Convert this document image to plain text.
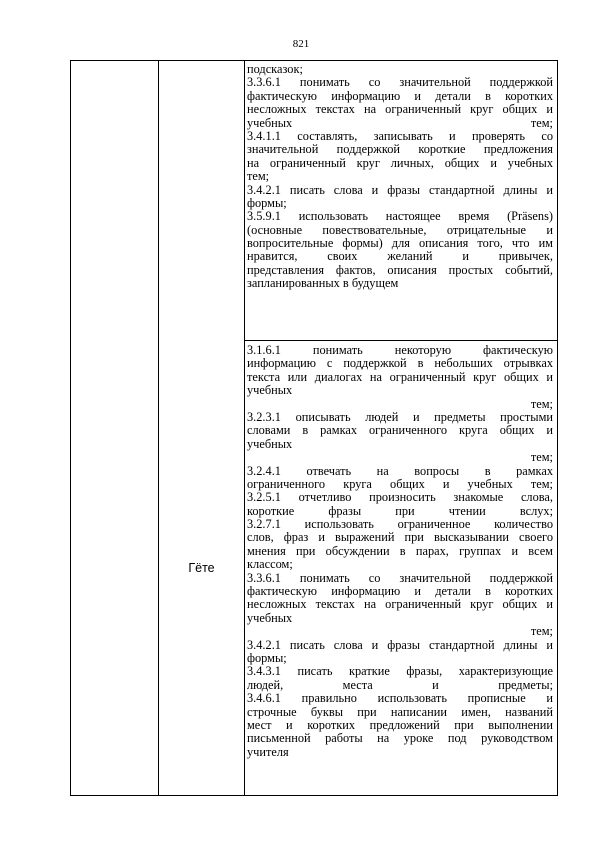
821
Гёте
подсказок;
3.3.6.1 понимать со значительной поддержкой
фактическую информацию и детали в коротких
несложных текстах на ограниченный круг общих и
учебных тем;
3.4.1.1 составлять, записывать и проверять со
значительной поддержкой короткие предложения
на ограниченный круг личных, общих и учебных
тем;
3.4.2.1 писать слова и фразы стандартной длины и
формы;
3.5.9.1 использовать настоящее время (Präsens)
(основные повествовательные, отрицательные и
вопросительные формы) для описания того, что им
нравится, своих желаний и привычек,
представления фактов, описания простых событий,
запланированных в будущем
3.1.6.1 понимать некоторую фактическую
информацию с поддержкой в небольших отрывках
текста или диалогах на ограниченный круг общих и
учебных
тем;
3.2.3.1 описывать людей и предметы простыми
словами в рамках ограниченного круга общих и
учебных
тем;
3.2.4.1 отвечать на вопросы в рамках
ограниченного круга общих и учебных тем;
3.2.5.1 отчетливо произносить знакомые слова,
короткие фразы при чтении вслух;
3.2.7.1 использовать ограниченное количество
слов, фраз и выражений при высказывании своего
мнения при обсуждении в парах, группах и всем
классом;
3.3.6.1 понимать со значительной поддержкой
фактическую информацию и детали в коротких
несложных текстах на ограниченный круг общих и
учебных
тем;
3.4.2.1 писать слова и фразы стандартной длины и
формы;
3.4.3.1 писать краткие фразы, характеризующие
людей, места и предметы;
3.4.6.1 правильно использовать прописные и
строчные буквы при написании имен, названий
мест и коротких предложений при выполнении
письменной работы на уроке под руководством
учителя
